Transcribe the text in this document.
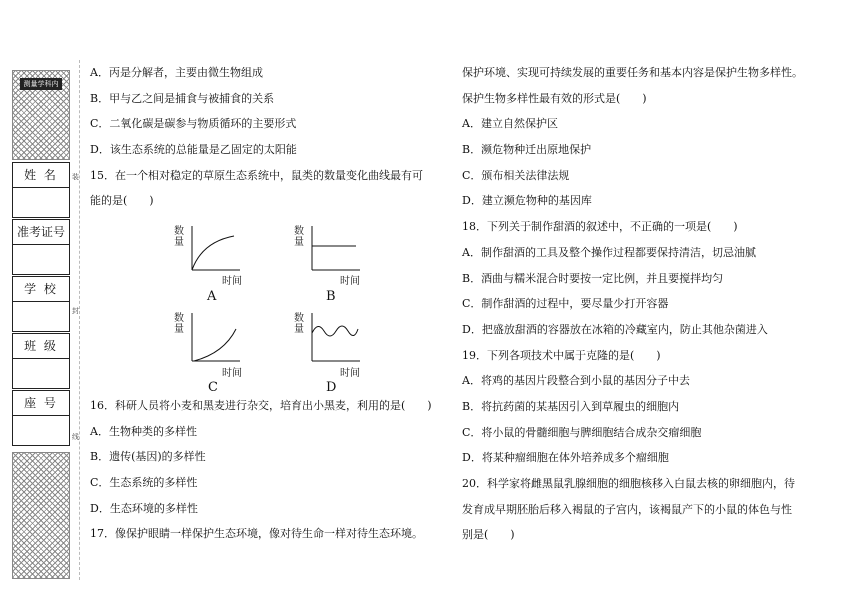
测量学科内
姓 名
准考证号
学 校
班 级
座 号
装
封
线
A．丙是分解者，主要由微生物组成
B．甲与乙之间是捕食与被捕食的关系
C．二氧化碳是碳参与物质循环的主要形式
D．该生态系统的总能量是乙固定的太阳能
15．在一个相对稳定的草原生态系统中，鼠类的数量变化曲线最有可
能的是(　　)
数
量
时间
A
数
量
时间
B
数
量
时间
C
数
量
时间
D
16．科研人员将小麦和黑麦进行杂交，培育出小黑麦，利用的是(　　)
A．生物种类的多样性
B．遗传(基因)的多样性
C．生态系统的多样性
D．生态环境的多样性
17．像保护眼睛一样保护生态环境，像对待生命一样对待生态环境。
保护环境、实现可持续发展的重要任务和基本内容是保护生物多样性。
保护生物多样性最有效的形式是(　　)
A．建立自然保护区
B．濒危物种迁出原地保护
C．颁布相关法律法规
D．建立濒危物种的基因库
18．下列关于制作甜酒的叙述中，不正确的一项是(　　)
A．制作甜酒的工具及整个操作过程都要保持清洁，切忌油腻
B．酒曲与糯米混合时要按一定比例，并且要搅拌均匀
C．制作甜酒的过程中，要尽量少打开容器
D．把盛放甜酒的容器放在冰箱的冷藏室内，防止其他杂菌进入
19．下列各项技术中属于克隆的是(　　)
A．将鸡的基因片段整合到小鼠的基因分子中去
B．将抗药菌的某基因引入到草履虫的细胞内
C．将小鼠的骨髓细胞与脾细胞结合成杂交瘤细胞
D．将某种瘤细胞在体外培养成多个瘤细胞
20．科学家将雌黑鼠乳腺细胞的细胞核移入白鼠去核的卵细胞内，待
发育成早期胚胎后移入褐鼠的子宫内，该褐鼠产下的小鼠的体色与性
别是(　　)
